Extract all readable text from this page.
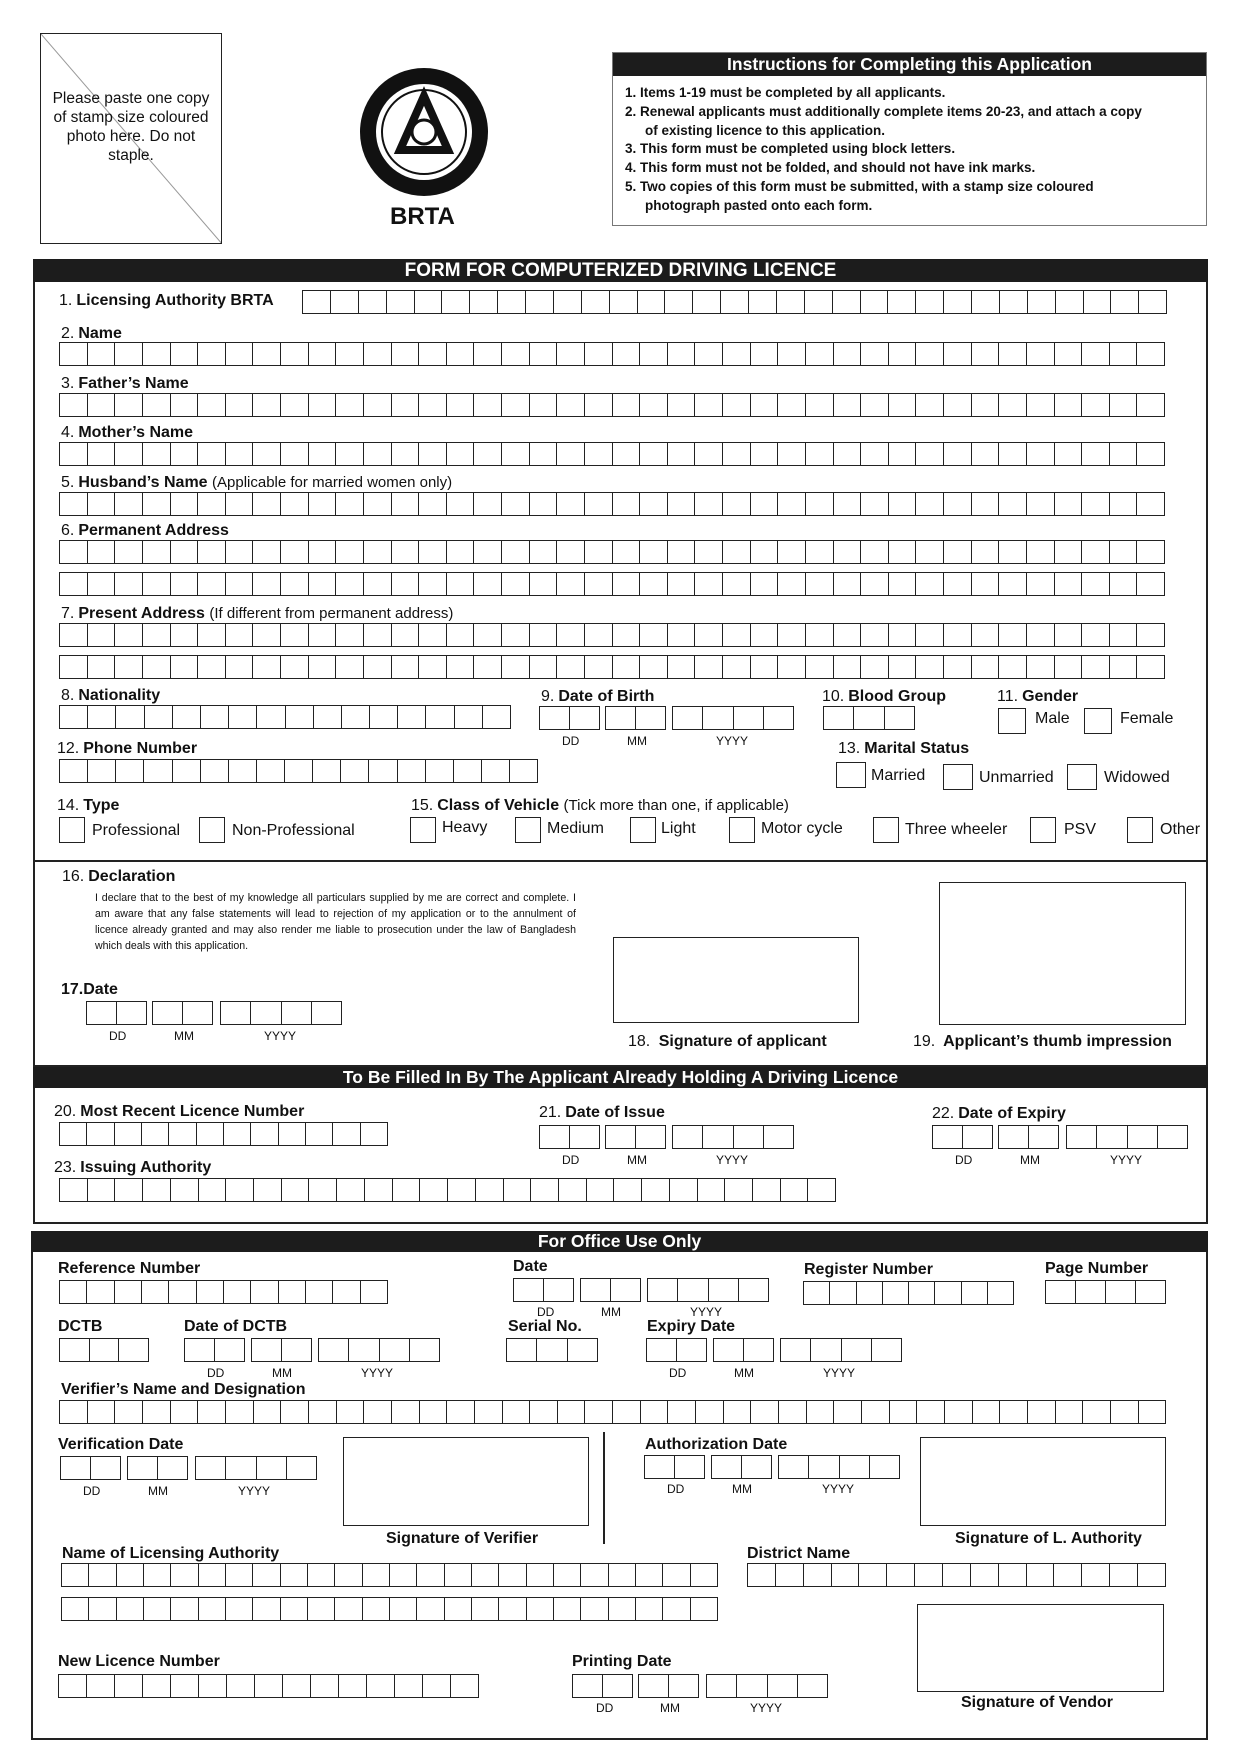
Please paste one copy of stamp size coloured photo here. Do not staple.
BRTA
Instructions for Completing this Application
1. Items 1-19 must be completed by all applicants.
2. Renewal applicants must additionally complete items 20-23, and attach a copy
of existing licence to this application.
3. This form must be completed using block letters.
4. This form must not be folded, and should not have ink marks.
5. Two copies of this form must be submitted, with a stamp size coloured
photograph pasted onto each form.
FORM FOR COMPUTERIZED DRIVING LICENCE
1. Licensing Authority BRTA
2. Name
3. Father’s Name
4. Mother’s Name
5. Husband’s Name (Applicable for married women only)
6. Permanent Address
7. Present Address (If different from permanent address)
8. Nationality	9. Date of Birth
DD	MM	YYYY
10. Blood Group	11. Gender
Male	Female
12. Phone Number	13. Marital Status
Married	Unmarried	Widowed
14. Type
Professional	Non-Professional
15. Class of Vehicle (Tick more than one, if applicable)
Heavy	Medium	Light	Motor cycle	Three wheeler	PSV	Other
16. Declaration
I declare that to the best of my knowledge all particulars supplied by me are correct and complete. I am aware that any false statements will lead to rejection of my application or to the annulment of licence already granted and may also render me liable to prosecution under the law of Bangladesh which deals with this application.
17.Date
DD	MM	YYYY	18. Signature of applicant	19. Applicant’s thumb impression
To Be Filled In By The Applicant Already Holding A Driving Licence
20. Most Recent Licence Number	21. Date of Issue
DD	MM	YYYY
22. Date of Expiry
DD	MM	YYYY
23. Issuing Authority
For Office Use Only
Reference Number	Date
DD	MM	YYYY
Register Number	Page Number
DCTB	Date of DCTB
DD	MM	YYYY
Serial No.	Expiry Date
DD	MM	YYYY
Verifier’s Name and Designation
Verification Date
DD	MM	YYYY
Signature of Verifier
Authorization Date
DD	MM	YYYY
Signature of L. Authority
Name of Licensing Authority	District Name
Signature of Vendor
New Licence Number	Printing Date
DD	MM	YYYY
